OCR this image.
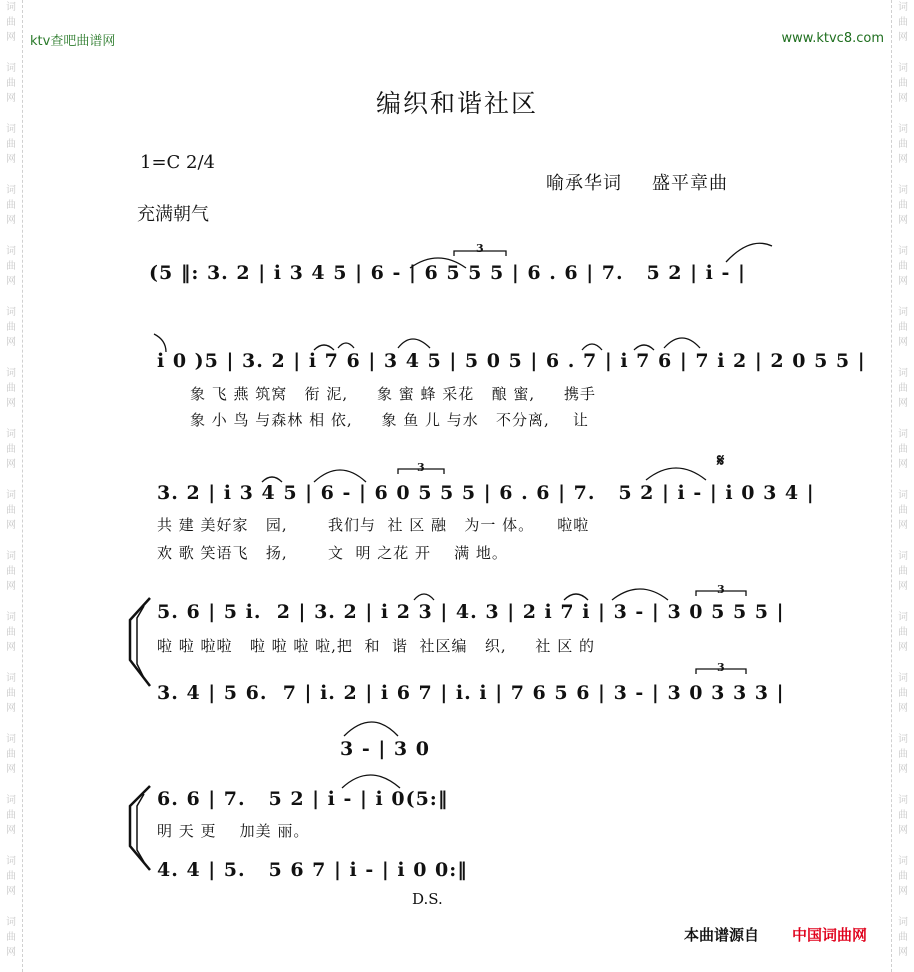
词
曲
网
词
曲
网
词
曲
网
词
曲
网
词
曲
网
词
曲
网
词
曲
网
词
曲
网
词
曲
网
词
曲
网
词
曲
网
词
曲
网
词
曲
网
词
曲
网
词
曲
网
词
曲
网
词
曲
网
词
曲
网
词
曲
网
词
曲
网
词
曲
网
词
曲
网
词
曲
网
词
曲
网
词
曲
网
词
曲
网
词
曲
网
词
曲
网
词
曲
网
词
曲
网
词
曲
网
词
曲
网
ktv查吧曲谱网	www.ktvc8.com
编织和谐社区
1=C 2/4
喻承华词 盛平章曲
充满朝气
(5 ‖: 3. 2 | i 3 4 5 | 6 - | 6 5 5 5 | 6 . 6 | 7.   5 2 | i - |
i 0 )5 | 3. 2 | i 7 6 | 3 4 5 | 5 0 5 | 6 . 7 | i 7 6 | 7 i 2 | 2 0 5 5 |
象 飞 燕 筑窝   衔 泥,     象 蜜 蜂 采花   酿 蜜,     携手
象 小 鸟 与森林 相 依,     象 鱼 儿 与水   不分离,    让
3. 2 | i 3 4 5 | 6 - | 6 0 5 5 5 | 6 . 6 | 7.   5 2 | i - | i 0 3 4 |
𝄋
共 建 美好家   园,       我们与  社 区 融   为一 体。    啦啦
欢 歌 笑语飞   扬,       文  明 之花 开    满 地。
5. 6 | 5 i.  2 | 3. 2 | i 2 3 | 4. 3 | 2 i 7 i | 3 - | 3 0 5 5 5 |
啦 啦 啦啦   啦 啦 啦 啦,把  和  谐  社区编   织,     社 区 的
3. 4 | 5 6.  7 | i. 2 | i 6 7 | i. i | 7 6 5 6 | 3 - | 3 0 3 3 3 |
3 - | 3 0
6. 6 | 7.   5 2 | i - | i 0(5:‖
明 天 更    加美 丽。
4. 4 | 5.   5 6 7 | i - | i 0 0:‖
D.S.
3
3
3
3
本曲谱源自 中国词曲网
